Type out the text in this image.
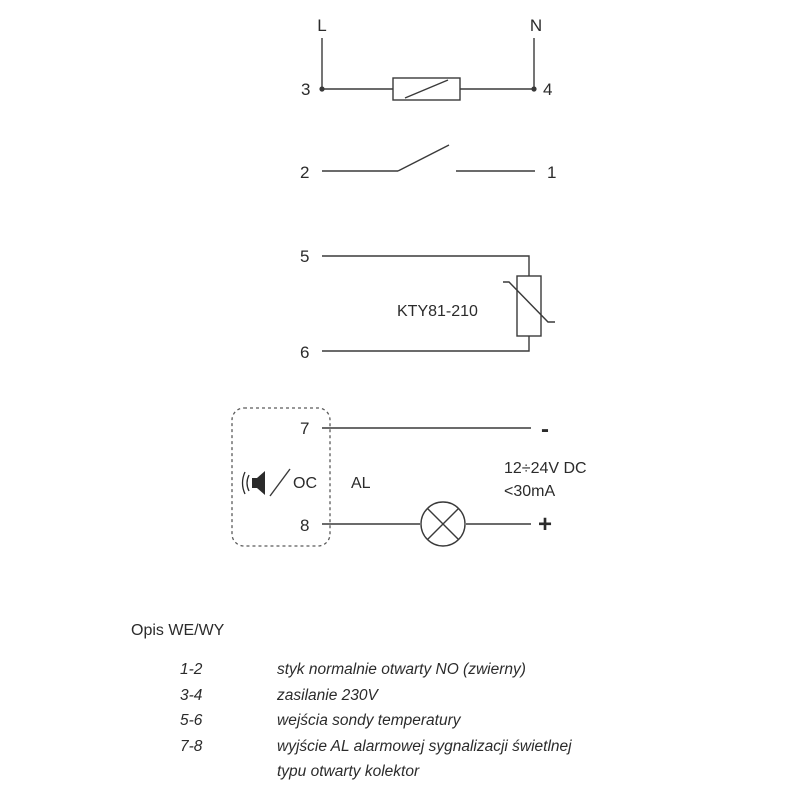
L	N
3	4
2	1
5
6
KTY81-210
7
8
OC AL
12÷24V DC
<30mA
-
+
Opis WE/WY
1-2	styk normalnie otwarty NO (zwierny)
3-4	zasilanie 230V
5-6	wejścia sondy temperatury
7-8	wyjście AL alarmowej sygnalizacji świetlnej
typu otwarty kolektor
